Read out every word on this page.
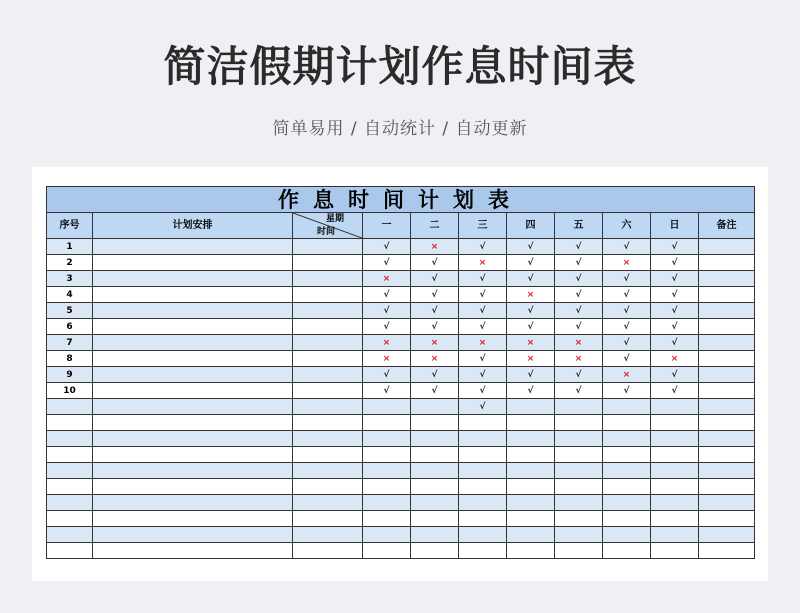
简洁假期计划作息时间表
简单易用 / 自动统计 / 自动更新
作息时间计划表										
序号	计划安排	星期
时间	一	二	三	四	五	六	日	备注
1			√	×	√	√	√	√	√	
2			√	√	×	√	√	×	√	
3			×	√	√	√	√	√	√	
4			√	√	√	×	√	√	√	
5			√	√	√	√	√	√	√	
6			√	√	√	√	√	√	√	
7			×	×	×	×	×	√	√	
8			×	×	√	×	×	√	×	
9			√	√	√	√	√	×	√	
10			√	√	√	√	√	√	√	
					√					
